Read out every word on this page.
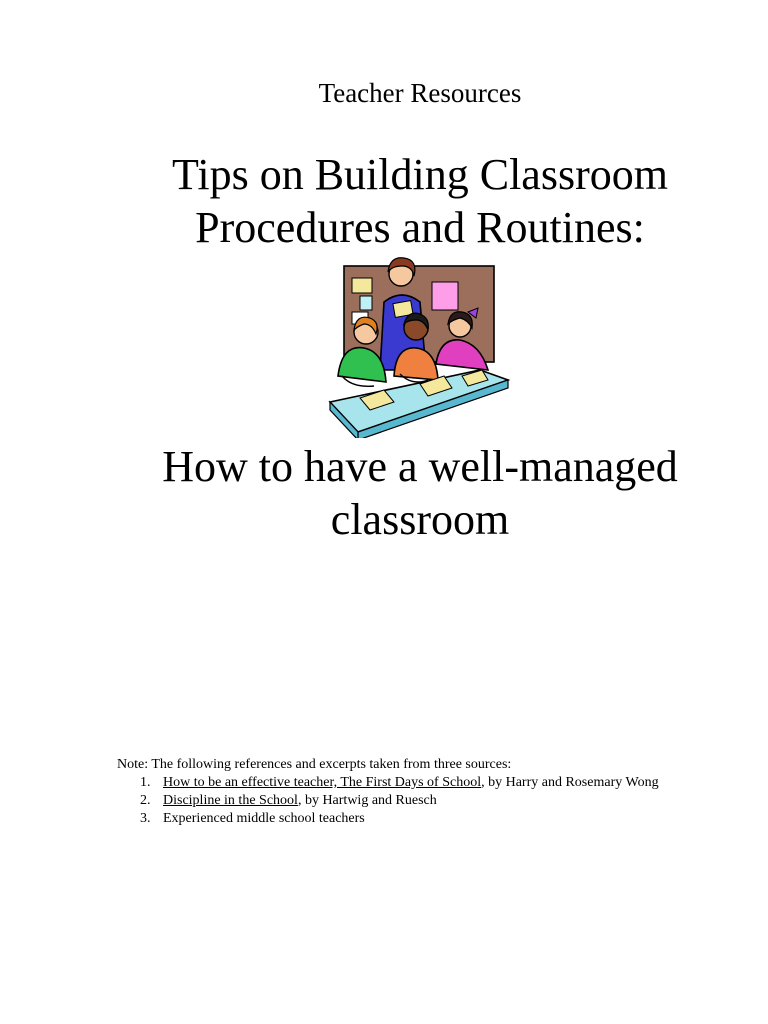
Teacher Resources
Tips on Building Classroom
Procedures and Routines:
How to have a well-managed
classroom
Note: The following references and excerpts taken from three sources:
1. How to be an effective teacher, The First Days of School, by Harry and Rosemary Wong
2. Discipline in the School, by Hartwig and Ruesch
3. Experienced middle school teachers
